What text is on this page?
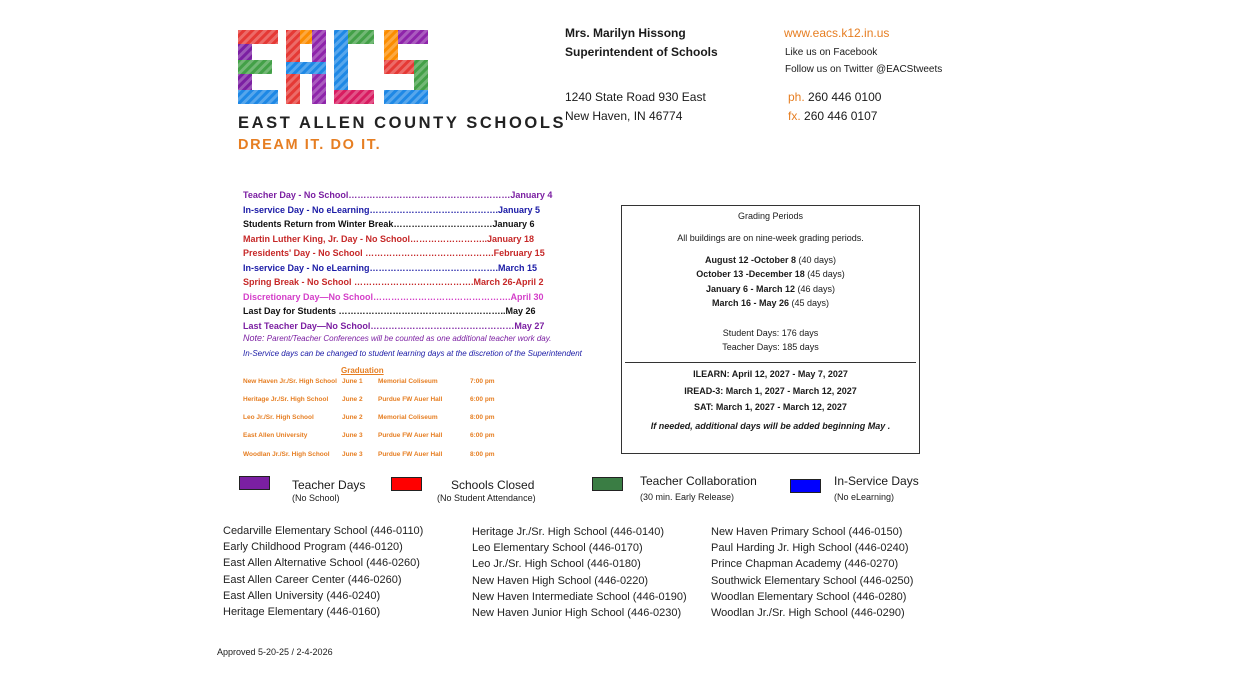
EAST ALLEN COUNTY SCHOOLS
DREAM IT. DO IT.
Mrs. Marilyn Hissong
Superintendent of Schools
1240 State Road 930 East
New Haven, IN 46774
www.eacs.k12.in.us
Like us on Facebook
Follow us on Twitter @EACStweets
ph. 260 446 0100
fx. 260 446 0107
Teacher Day - No School………………………………………………January 4
In-service Day - No eLearning…………………………………….January 5
Students Return from Winter Break……………………………January 6
Martin Luther King, Jr. Day - No School……………………..January 18
Presidents' Day - No School …………………………………….February 15
In-service Day - No eLearning…………………………………….March 15
Spring Break - No School ………………………………….March 26-April 2
Discretionary Day—No School……………………………………….April 30
Last Day for Students ………………………………………………..May 26
Last Teacher Day—No School…………………………………………May 27
Note: Parent/Teacher Conferences will be counted as one additional teacher work day.
In-Service days can be changed to student learning days at the discretion of the Superintendent
Graduation
New Haven Jr./Sr. High School June 1 Memorial Coliseum	7:00 pm
Heritage Jr./Sr. High School June 2 Purdue FW Auer Hall	6:00 pm
Leo Jr./Sr. High School	June 2 Memorial Coliseum	8:00 pm
East Allen University	June 3 Purdue FW Auer Hall	6:00 pm
Woodlan Jr./Sr. High School June 3 Purdue FW Auer Hall	8:00 pm
Grading Periods
All buildings are on nine-week grading periods.
August 12 -October 8 (40 days)
October 13 -December 18 (45 days)
January 6 - March 12 (46 days)
March 16 - May 26 (45 days)
Student Days: 176 days
Teacher Days: 185 days
ILEARN: April 12, 2027 - May 7, 2027
IREAD-3: March 1, 2027 - March 12, 2027
SAT: March 1, 2027 - March 12, 2027
If needed, additional days will be added beginning May .
Teacher Days
(No School)
Schools Closed
(No Student Attendance)
Teacher Collaboration
(30 min. Early Release)
In-Service Days
(No eLearning)
Cedarville Elementary School (446-0110)
Early Childhood Program (446-0120)
East Allen Alternative School (446-0260)
East Allen Career Center (446-0260)
East Allen University (446-0240)
Heritage Elementary (446-0160)
Heritage Jr./Sr. High School (446-0140)
Leo Elementary School (446-0170)
Leo Jr./Sr. High School (446-0180)
New Haven High School (446-0220)
New Haven Intermediate School (446-0190)
New Haven Junior High School (446-0230)
New Haven Primary School (446-0150)
Paul Harding Jr. High School (446-0240)
Prince Chapman Academy (446-0270)
Southwick Elementary School (446-0250)
Woodlan Elementary School (446-0280)
Woodlan Jr./Sr. High School (446-0290)
Approved 5-20-25 / 2-4-2026
